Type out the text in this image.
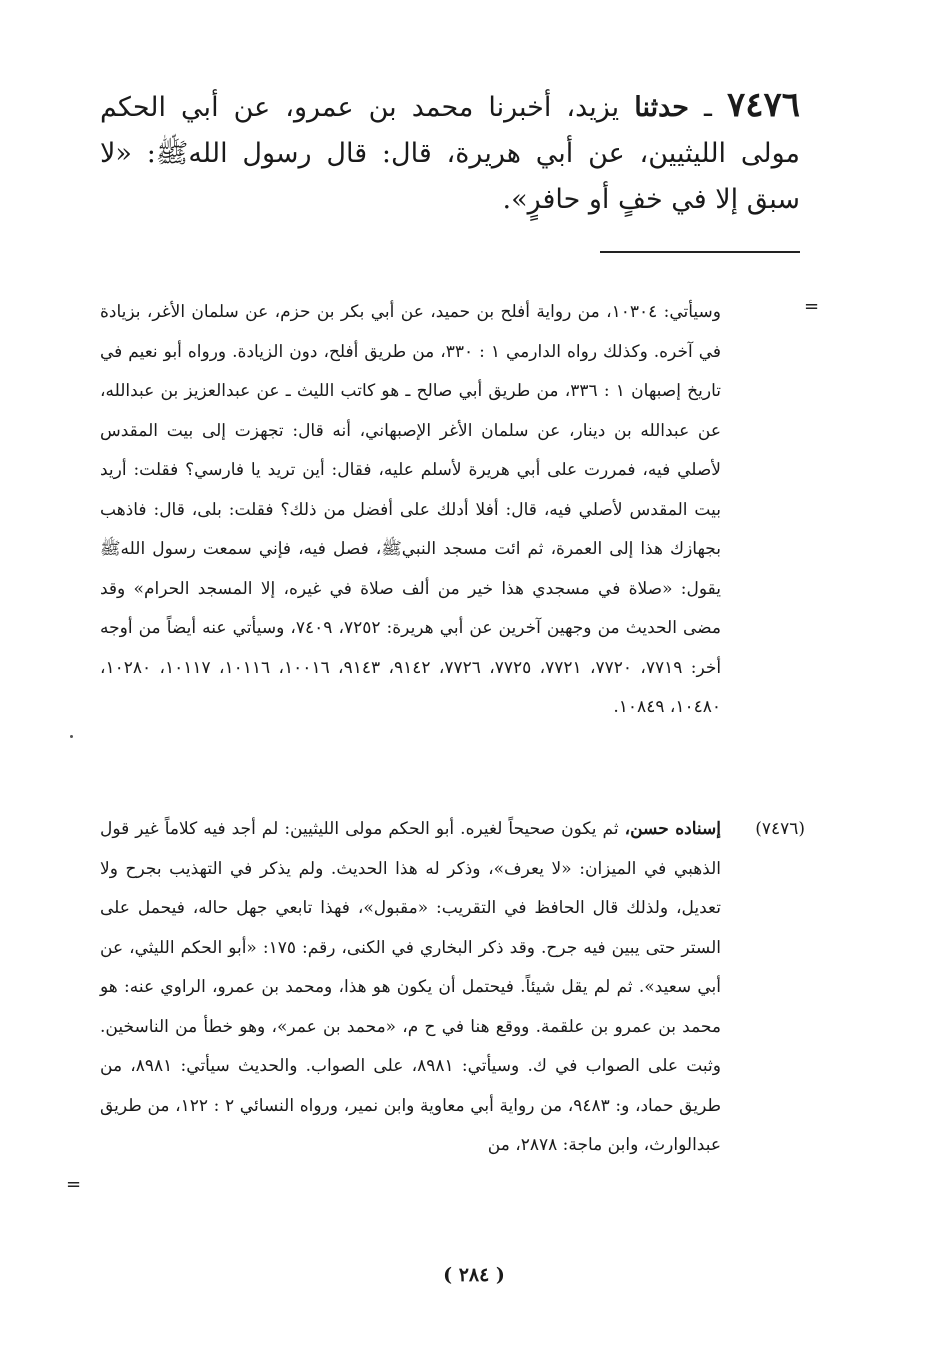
٧٤٧٦ ـ حدثنا يزيد، أخبرنا محمد بن عمرو، عن أبي الحكم مولى الليثيين، عن أبي هريرة، قال: قال رسول اللهﷺ: «لا سبق إلا في خفٍ أو حافرٍ».
=
وسيأتي: ١٠٣٠٤، من رواية أفلح بن حميد، عن أبي بكر بن حزم، عن سلمان الأغر، بزيادة في آخره. وكذلك رواه الدارمي ١ : ٣٣٠، من طريق أفلح، دون الزيادة. ورواه أبو نعيم في تاريخ إصبهان ١ : ٣٣٦، من طريق أبي صالح ـ هو كاتب الليث ـ عن عبدالعزيز بن عبدالله، عن عبدالله بن دينار، عن سلمان الأغر الإصبهاني، أنه قال: تجهزت إلى بيت المقدس لأصلي فيه، فمررت على أبي هريرة لأسلم عليه، فقال: أين تريد يا فارسي؟ فقلت: أريد بيت المقدس لأصلي فيه، قال: أفلا أدلك على أفضل من ذلك؟ فقلت: بلى، قال: فاذهب بجهازك هذا إلى العمرة، ثم ائت مسجد النبيﷺ، فصل فيه، فإني سمعت رسول اللهﷺ يقول: «صلاة في مسجدي هذا خير من ألف صلاة في غيره، إلا المسجد الحرام» وقد مضى الحديث من وجهين آخرين عن أبي هريرة: ٧٢٥٢، ٧٤٠٩، وسيأتي عنه أيضاً من أوجه أخر: ٧٧١٩، ٧٧٢٠، ٧٧٢١، ٧٧٢٥، ٧٧٢٦، ٩١٤٢، ٩١٤٣، ١٠٠١٦، ١٠١١٦، ١٠١١٧، ١٠٢٨٠، ١٠٤٨٠، ١٠٨٤٩.
(٧٤٧٦)
إسناده حسن، ثم يكون صحيحاً لغيره. أبو الحكم مولى الليثيين: لم أجد فيه كلاماً غير قول الذهبي في الميزان: «لا يعرف»، وذكر له هذا الحديث. ولم يذكر في التهذيب بجرح ولا تعديل، ولذلك قال الحافظ في التقريب: «مقبول»، فهذا تابعي جهل حاله، فيحمل على الستر حتى يبين فيه جرح. وقد ذكر البخاري في الكنى، رقم: ١٧٥: «أبو الحكم الليثي، عن أبي سعيد». ثم لم يقل شيئاً. فيحتمل أن يكون هو هذا، ومحمد بن عمرو، الراوي عنه: هو محمد بن عمرو بن علقمة. ووقع هنا في ح م، «محمد بن عمر»، وهو خطأ من الناسخين. وثبت على الصواب في ك. وسيأتي: ٨٩٨١، على الصواب. والحديث سيأتي: ٨٩٨١، من طريق حماد، و: ٩٤٨٣، من رواية أبي معاوية وابن نمير، ورواه النسائي ٢ : ١٢٢، من طريق عبدالوارث، وابن ماجة: ٢٨٧٨، من
=
( ٢٨٤ )
